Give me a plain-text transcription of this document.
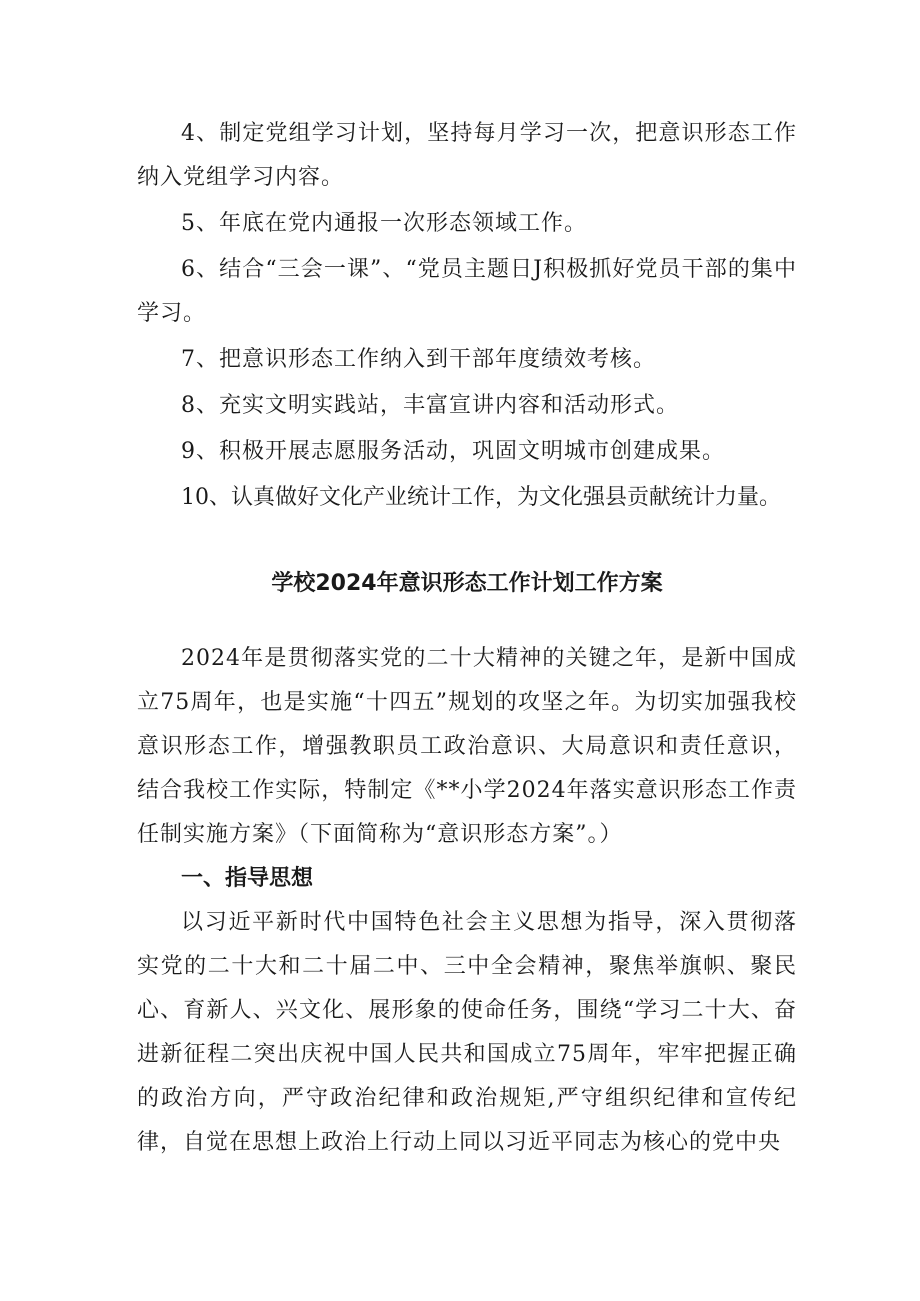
4、制定党组学习计划，坚持每月学习一次，把意识形态工作纳入党组学习内容。

5、年底在党内通报一次形态领域工作。

6、结合“三会一课”、“党员主题日J积极抓好党员干部的集中学习。

7、把意识形态工作纳入到干部年度绩效考核。

8、充实文明实践站，丰富宣讲内容和活动形式。

9、积极开展志愿服务活动，巩固文明城市创建成果。

10、认真做好文化产业统计工作，为文化强县贡献统计力量。

学校2024年意识形态工作计划工作方案

2024年是贯彻落实党的二十大精神的关键之年，是新中国成立75周年，也是实施“十四五”规划的攻坚之年。为切实加强我校意识形态工作，增强教职员工政治意识、大局意识和责任意识，结合我校工作实际，特制定《**小学2024年落实意识形态工作责任制实施方案》（下面简称为“意识形态方案”。）

一、指导思想

以习近平新时代中国特色社会主义思想为指导，深入贯彻落实党的二十大和二十届二中、三中全会精神，聚焦举旗帜、聚民心、育新人、兴文化、展形象的使命任务，围绕“学习二十大、奋进新征程二突出庆祝中国人民共和国成立75周年，牢牢把握正确的政治方向，严守政治纪律和政治规矩,严守组织纪律和宣传纪律，自觉在思想上政治上行动上同以习近平同志为核心的党中央
